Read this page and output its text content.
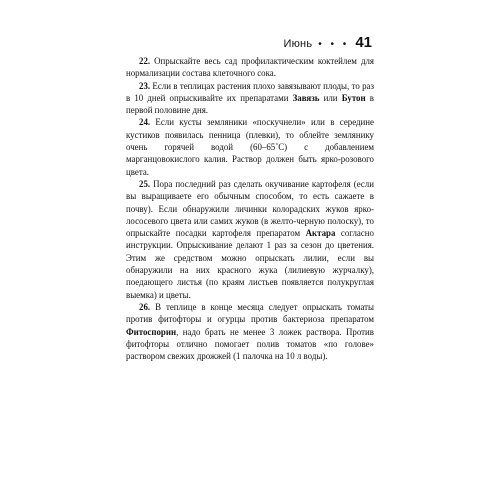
Июнь • • • 41

22. Опрыскайте весь сад профилактическим коктейлем для нормализации состава клеточного сока.

23. Если в теплицах растения плохо завязывают плоды, то раз в 10 дней опрыскивайте их препаратами Завязь или Бутон в первой половине дня.

24. Если кусты земляники «поскучнели» или в середине кустиков появилась пенница (плевки), то облейте землянику очень горячей водой (60–65˚С) с добавлением марганцовокислого калия. Раствор должен быть ярко-розового цвета.

25. Пора последний раз сделать окучивание картофеля (если вы выращиваете его обычным способом, то есть сажаете в почву). Если обнаружили личинки колорадских жуков ярко-лососевого цвета или самих жуков (в желто-черную полоску), то опрыскайте посадки картофеля препаратом Актара согласно инструкции. Опрыскивание делают 1 раз за сезон до цветения. Этим же средством можно опрыскать лилии, если вы обнаружили на них красного жука (лилиевую журчалку), поедающего листья (по краям листьев появляется полукруглая выемка) и цветы.

26. В теплице в конце месяца следует опрыскать томаты против фитофторы и огурцы против бактериоза препаратом Фитоспорин, надо брать не менее 3 ложек раствора. Против фитофторы отлично помогает полив томатов «по голове» раствором свежих дрожжей (1 палочка на 10 л воды).
